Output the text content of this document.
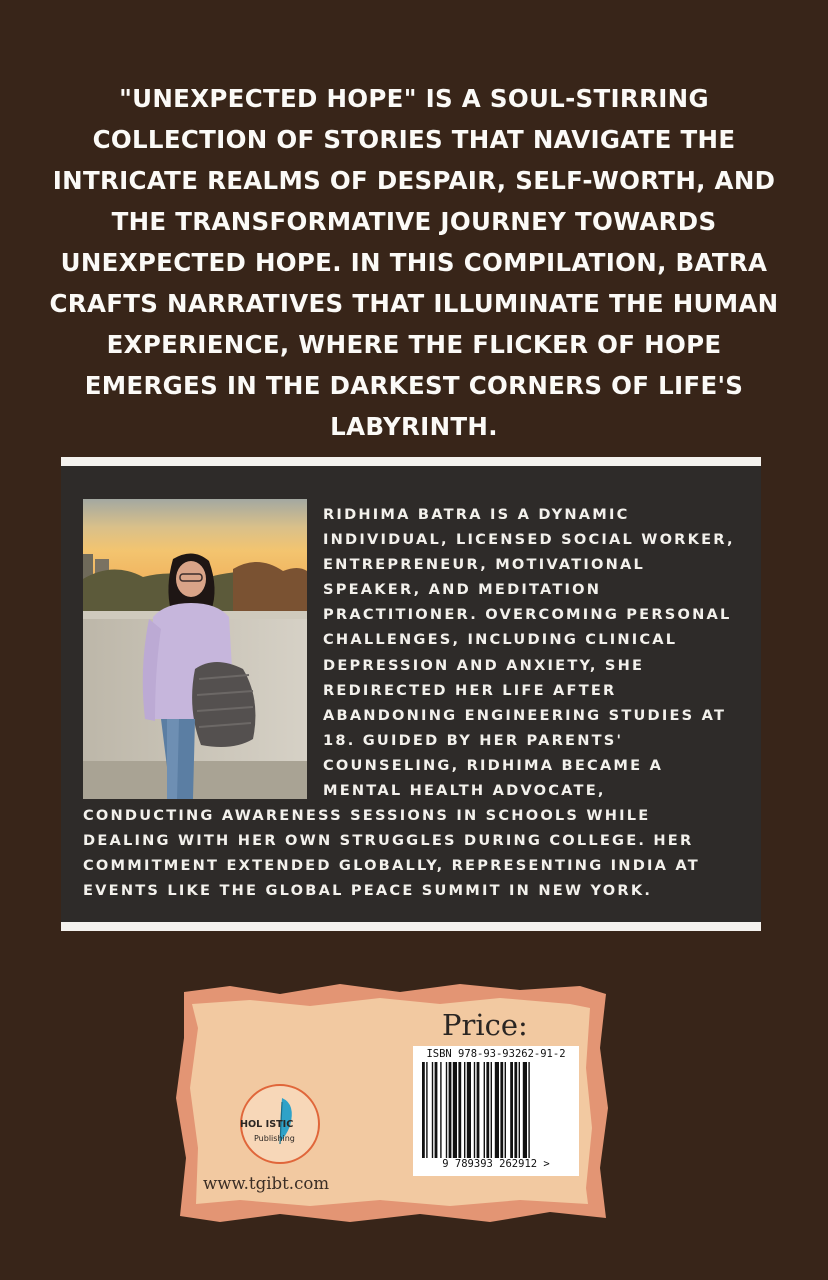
"UNEXPECTED HOPE" IS A SOUL-STIRRING COLLECTION OF STORIES THAT NAVIGATE THE INTRICATE REALMS OF DESPAIR, SELF-WORTH, AND THE TRANSFORMATIVE JOURNEY TOWARDS UNEXPECTED HOPE. IN THIS COMPILATION, BATRA CRAFTS NARRATIVES THAT ILLUMINATE THE HUMAN EXPERIENCE, WHERE THE FLICKER OF HOPE EMERGES IN THE DARKEST CORNERS OF LIFE'S LABYRINTH.
RIDHIMA BATRA IS A DYNAMIC INDIVIDUAL, LICENSED SOCIAL WORKER, ENTREPRENEUR, MOTIVATIONAL SPEAKER, AND MEDITATION PRACTITIONER. OVERCOMING PERSONAL CHALLENGES, INCLUDING CLINICAL DEPRESSION AND ANXIETY, SHE REDIRECTED HER LIFE AFTER ABANDONING ENGINEERING STUDIES AT 18. GUIDED BY HER PARENTS' COUNSELING, RIDHIMA BECAME A MENTAL HEALTH ADVOCATE,
CONDUCTING AWARENESS SESSIONS IN SCHOOLS WHILE DEALING WITH HER OWN STRUGGLES DURING COLLEGE. HER COMMITMENT EXTENDED GLOBALLY, REPRESENTING INDIA AT EVENTS LIKE THE GLOBAL PEACE SUMMIT IN NEW YORK.
Price:
ISBN 978-93-93262-91-2
9 789393 262912 >
HOL ISTIC
Publishing
www.tgibt.com
